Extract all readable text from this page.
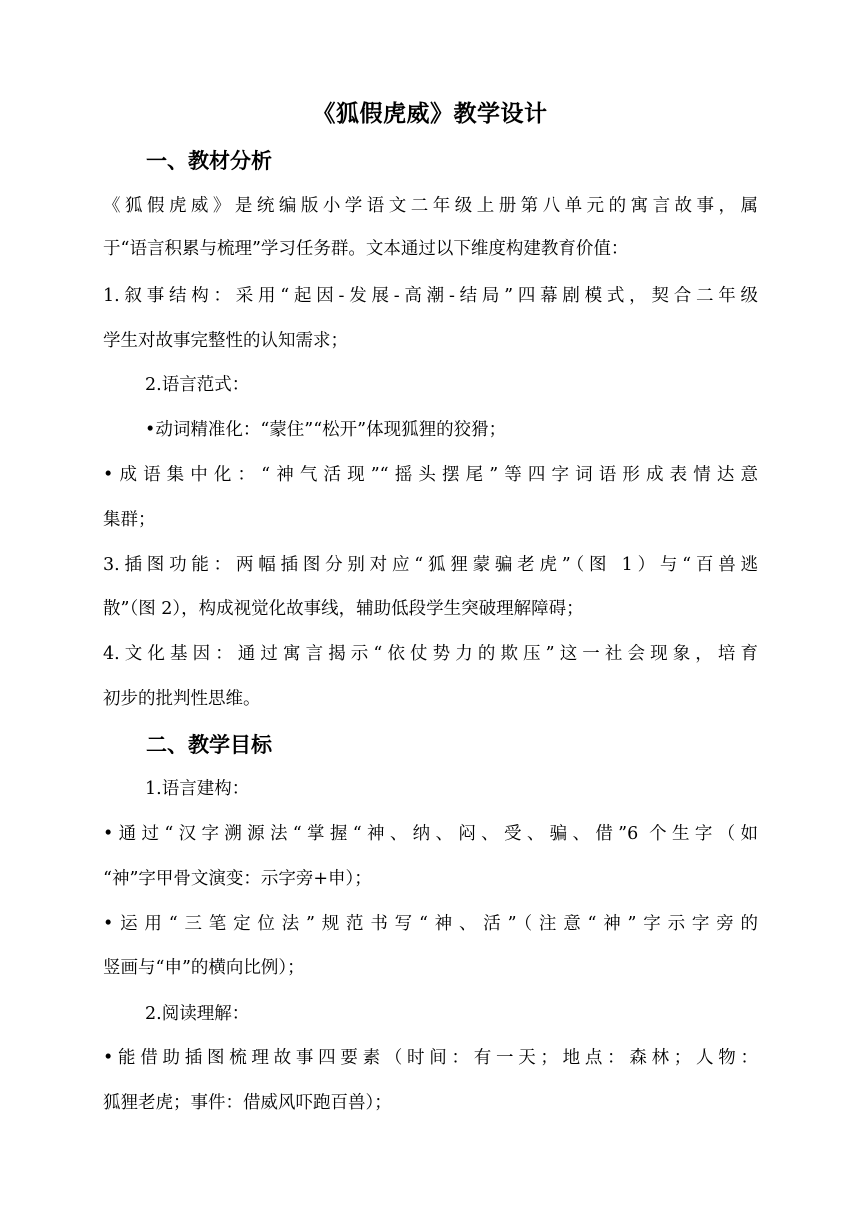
《狐假虎威》教学设计
一、教材分析
《狐假虎威》是统编版小学语文二年级上册第八单元的寓言故事，属
于“语言积累与梳理”学习任务群。文本通过以下维度构建教育价值：
1.叙事结构：采用“起因-发展-高潮-结局”四幕剧模式，契合二年级
学生对故事完整性的认知需求；
2.语言范式：
•动词精准化：“蒙住”“松开”体现狐狸的狡猾；
•成语集中化：“神气活现”“摇头摆尾”等四字词语形成表情达意
集群；
3.插图功能：两幅插图分别对应“狐狸蒙骗老虎”（图 1）与“百兽逃
散”（图 2），构成视觉化故事线，辅助低段学生突破理解障碍；
4.文化基因：通过寓言揭示“依仗势力的欺压”这一社会现象，培育
初步的批判性思维。
二、教学目标
1.语言建构：
•通过“汉字溯源法“掌握“神、纳、闷、受、骗、借”6 个生字（如
“神”字甲骨文演变：示字旁+申）；
•运用“三笔定位法”规范书写“神、活”（注意“神”字示字旁的
竖画与“申”的横向比例）；
2.阅读理解：
•能借助插图梳理故事四要素（时间：有一天；地点：森林；人物：
狐狸老虎；事件：借威风吓跑百兽）；
